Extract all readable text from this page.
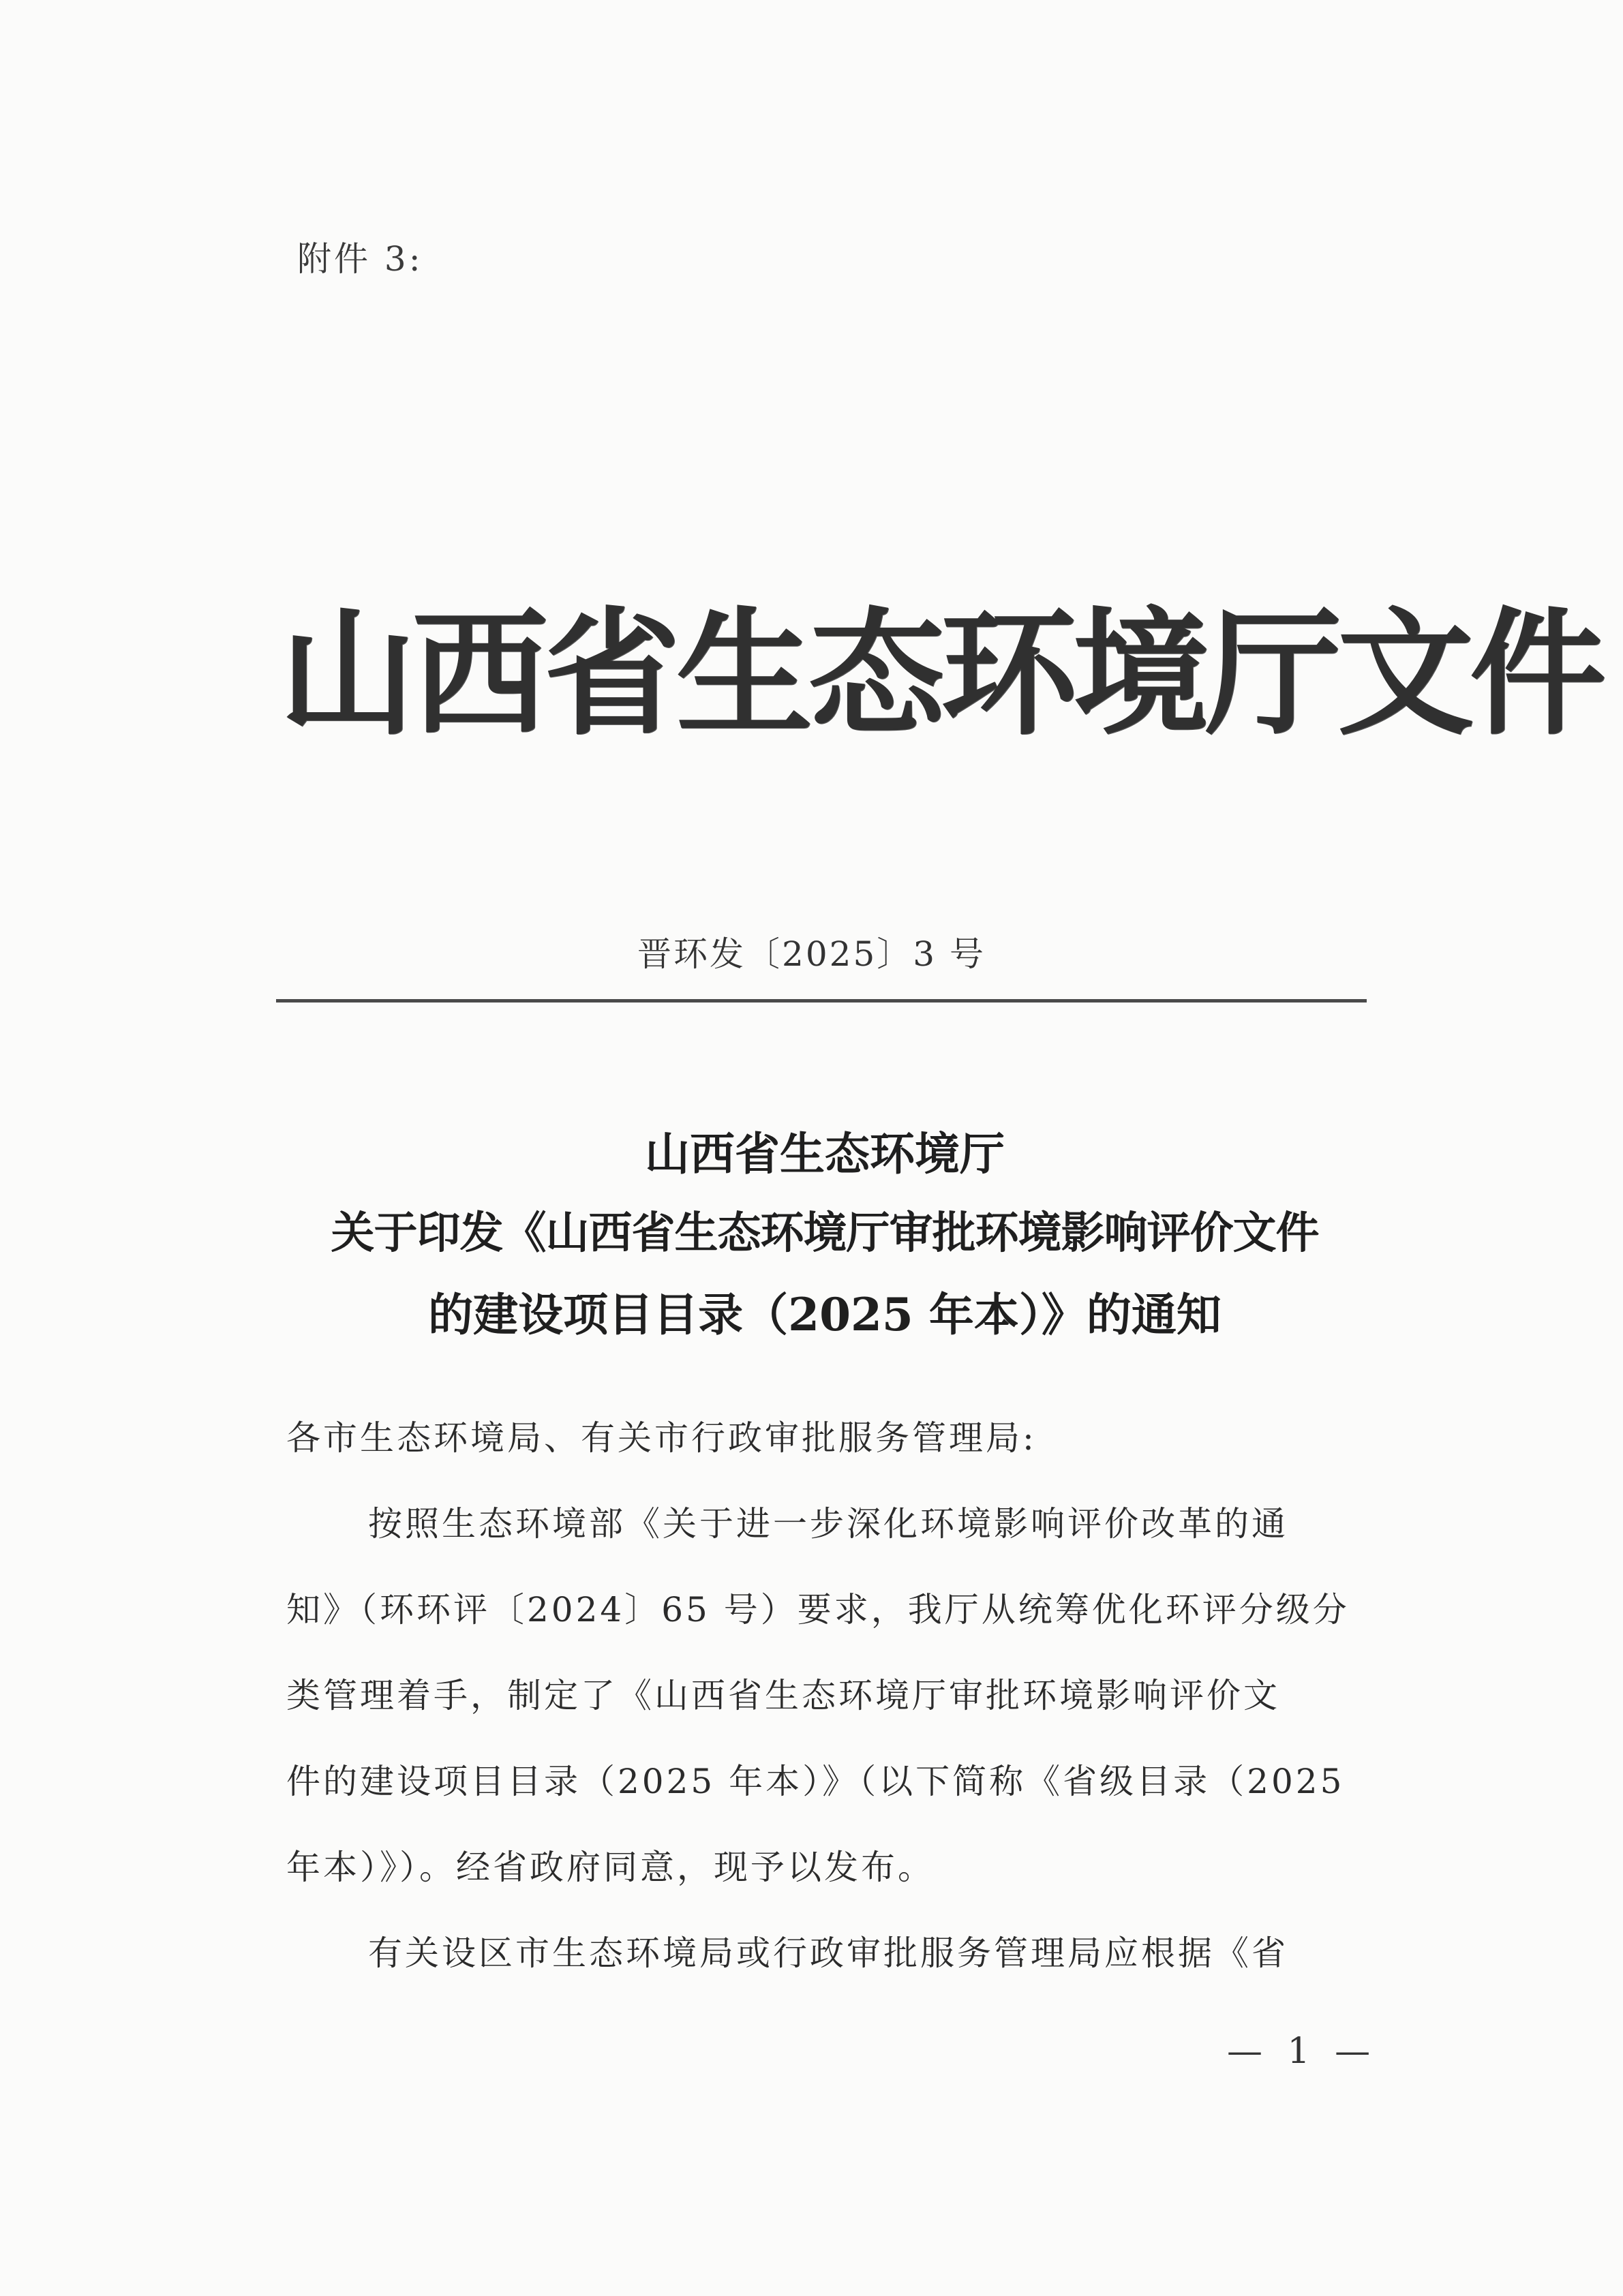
附件 3:
山西省生态环境厅文件
晋环发〔2025〕3 号
山西省生态环境厅
关于印发《山西省生态环境厅审批环境影响评价文件
的建设项目目录（2025 年本）》的通知
各市生态环境局、有关市行政审批服务管理局:
按照生态环境部《关于进一步深化环境影响评价改革的通
知》（环环评〔2024〕65 号）要求，我厅从统筹优化环评分级分
类管理着手，制定了《山西省生态环境厅审批环境影响评价文
件的建设项目目录（2025 年本）》（以下简称《省级目录（2025
年本）》）。经省政府同意，现予以发布。
有关设区市生态环境局或行政审批服务管理局应根据《省
— 1 —
